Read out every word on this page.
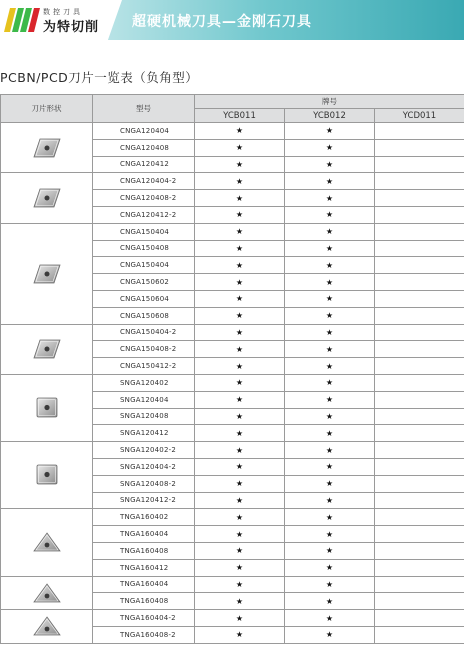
数控刀具
为特切削 超硬机械刀具—金刚石刀具
PCBN/PCD刀片一览表（负角型）
刀片形状	型号	牌号		
		YCB011	YCB012	YCD011
	CNGA120404	★	★	
	CNGA120408	★	★	
	CNGA120412	★	★	
	CNGA120404-2	★	★	
	CNGA120408-2	★	★	
	CNGA120412-2	★	★	
	CNGA150404	★	★	
	CNGA150408	★	★	
	CNGA150404	★	★	
	CNGA150602	★	★	
	CNGA150604	★	★	
	CNGA150608	★	★	
	CNGA150404-2	★	★	
	CNGA150408-2	★	★	
	CNGA150412-2	★	★	
	SNGA120402	★	★	
	SNGA120404	★	★	
	SNGA120408	★	★	
	SNGA120412	★	★	
	SNGA120402-2	★	★	
	SNGA120404-2	★	★	
	SNGA120408-2	★	★	
	SNGA120412-2	★	★	
	TNGA160402	★	★	
	TNGA160404	★	★	
	TNGA160408	★	★	
	TNGA160412	★	★	
	TNGA160404	★	★	
	TNGA160408	★	★	
	TNGA160404-2	★	★	
	TNGA160408-2	★	★	
